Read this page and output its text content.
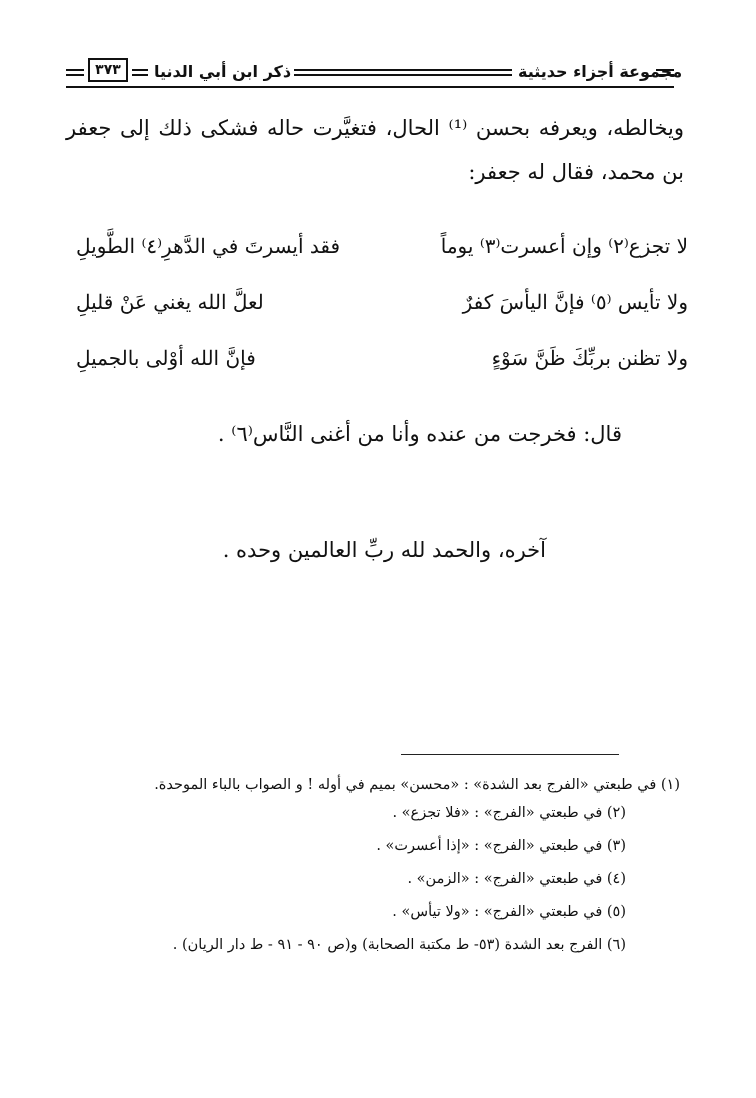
٣٧٣	ذكر ابن أبي الدنيا	مجموعة أجزاء حديثية

ويخالطه، ويعرفه بحسن ⁽¹⁾ الحال، فتغيَّرت حاله فشكى ذلك إلى جعفر بن محمد، فقال له جعفر:

لا تجزع⁽٢⁾ وإن أعسرت⁽٣⁾ يوماً
فقد أيسرتَ في الدَّهرِ⁽٤⁾ الطَّويلِ
ولا تأيس ⁽٥⁾ فإنَّ اليأسَ كفرٌ
لعلَّ الله يغني عَنْ قليلِ
ولا تظنن بربِّكَ ظَنَّ سَوْءٍ
فإنَّ الله أوْلى بالجميلِ
قال: فخرجت من عنده وأنا من أغنى النَّاس⁽٦⁾ .
آخره، والحمد لله ربِّ العالمين وحده .

(١) في طبعتي «الفرج بعد الشدة» : «محسن» بميم في أوله ! و الصواب بالباء الموحدة.

(٢) في طبعتي «الفرج» : «فلا تجزع» .

(٣) في طبعتي «الفرج» : «إذا أعسرت» .

(٤) في طبعتي «الفرج» : «الزمن» .

(٥) في طبعتي «الفرج» : «ولا تيأس» .

(٦) الفرج بعد الشدة (٥٣- ط مكتبة الصحابة) و(ص ٩٠ - ٩١ - ط دار الريان) .
